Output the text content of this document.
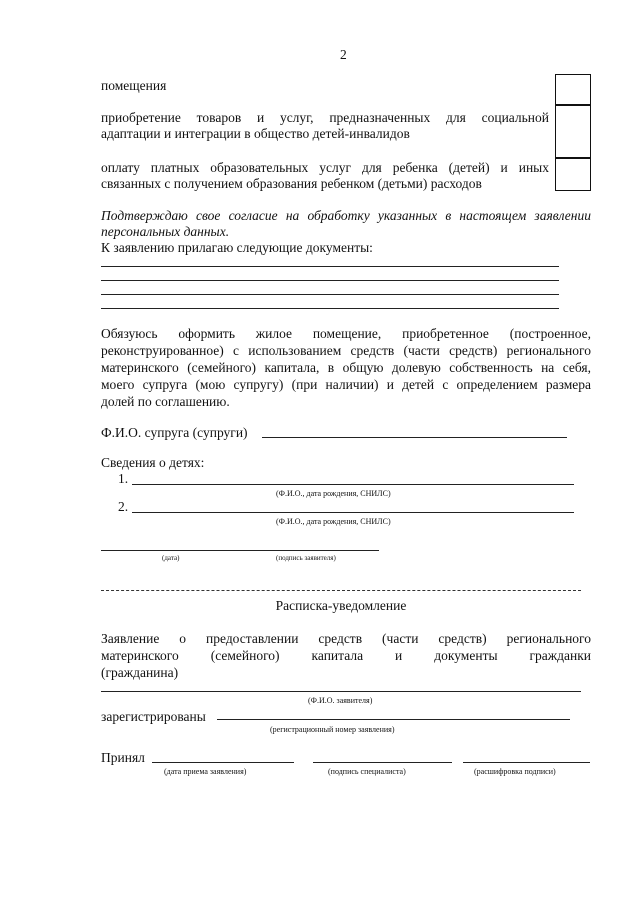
2
помещения
приобретение товаров и услуг, предназначенных для социальной
адаптации и интеграции в общество детей-инвалидов
оплату платных образовательных услуг для ребенка (детей) и иных
связанных с получением образования ребенком (детьми) расходов
Подтверждаю свое согласие на обработку указанных в настоящем заявлении
персональных данных.
К заявлению прилагаю следующие документы:
Обязуюсь оформить жилое помещение, приобретенное (построенное,
реконструированное) с использованием средств (части средств) регионального
материнского (семейного) капитала, в общую долевую собственность на себя,
моего супруга (мою супругу) (при наличии) и детей с определением размера
долей по соглашению.
Ф.И.О. супруга (супруги)
Сведения о детях:
1.
(Ф.И.О., дата рождения, СНИЛС)
2.
(Ф.И.О., дата рождения, СНИЛС)
(дата)	(подпись заявителя)
Расписка-уведомление
Заявление о предоставлении средств (части средств) регионального
материнского (семейного) капитала и документы гражданки
(гражданина)
(Ф.И.О. заявителя)
зарегистрированы
(регистрационный номер заявления)
Принял
(дата приема заявления)	(подпись специалиста)	(расшифровка подписи)
